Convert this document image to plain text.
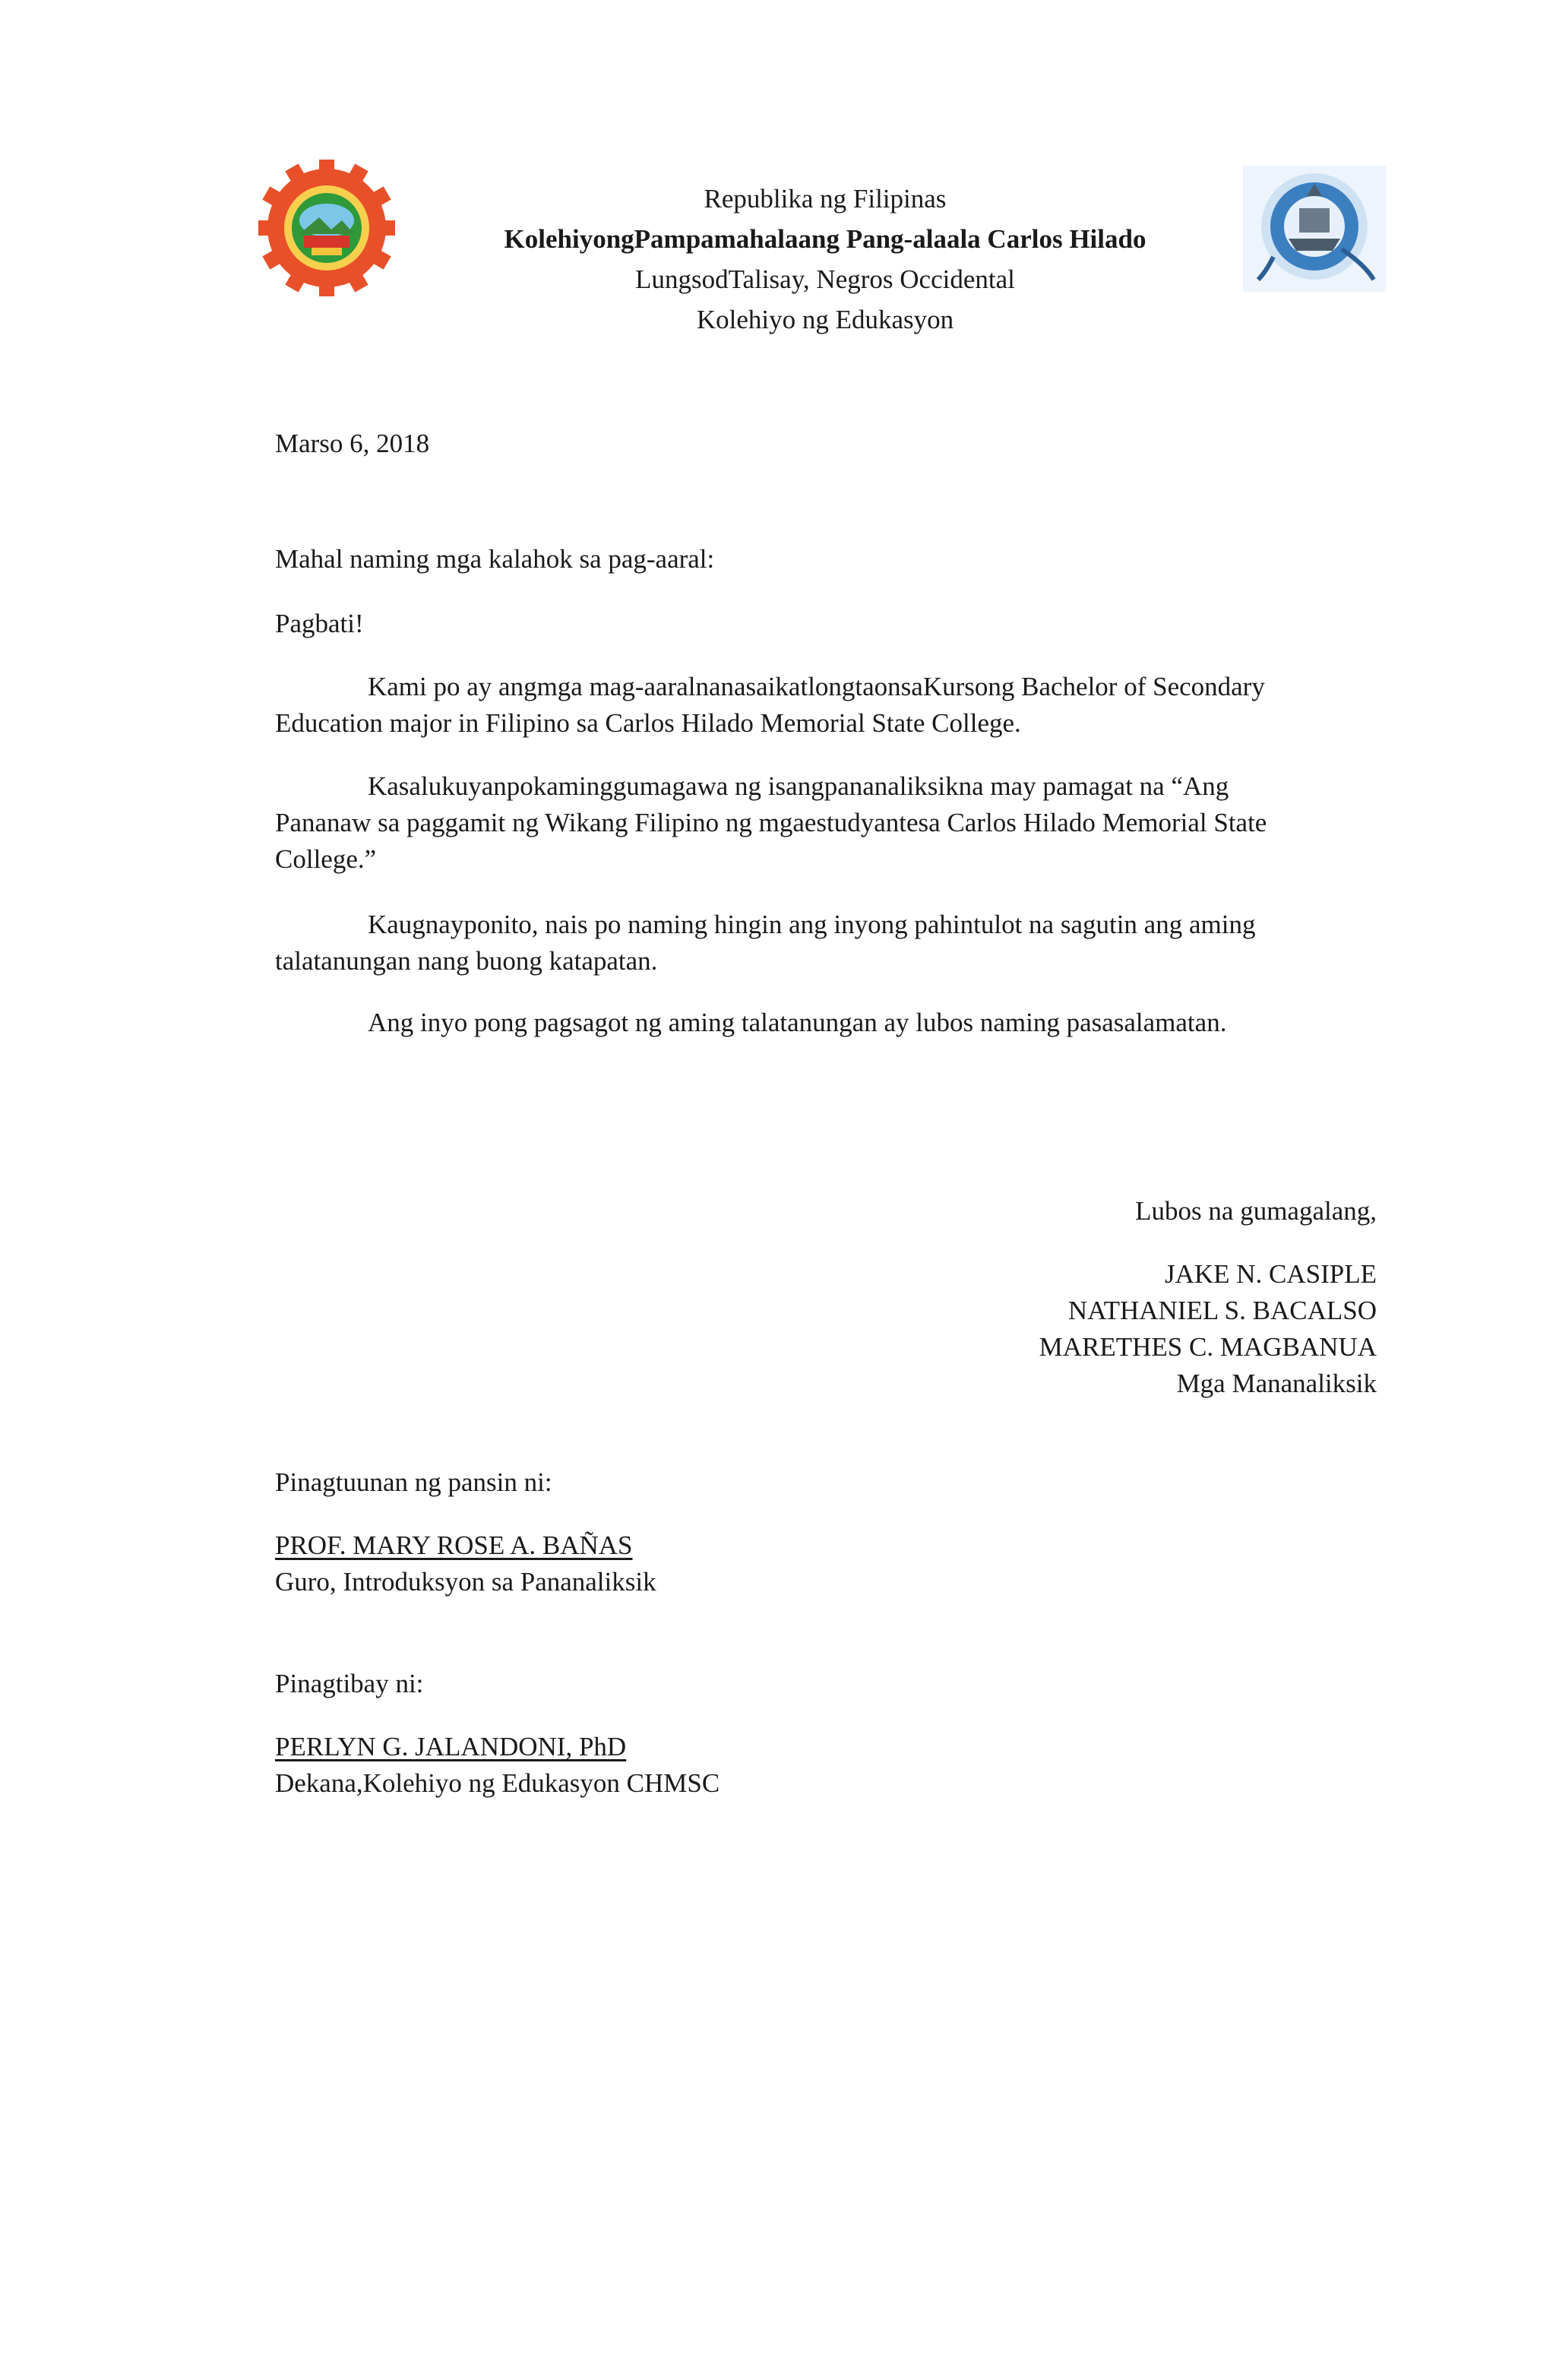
Republika ng Filipinas
KolehiyongPampamahalaang Pang-alaala Carlos Hilado
LungsodTalisay, Negros Occidental
Kolehiyo ng Edukasyon
Marso 6, 2018
Mahal naming mga kalahok sa pag-aaral:
Pagbati!
Kami po ay angmga mag-aaralnanasaikatlongtaonsaKursong Bachelor of Secondary
Education major in Filipino sa Carlos Hilado Memorial State College.
Kasalukuyanpokaminggumagawa ng isangpananaliksikna may pamagat na “Ang
Pananaw sa paggamit ng Wikang Filipino ng mgaestudyantesa Carlos Hilado Memorial State
College.”
Kaugnayponito, nais po naming hingin ang inyong pahintulot na sagutin ang aming
talatanungan nang buong katapatan.
Ang inyo pong pagsagot ng aming talatanungan ay lubos naming pasasalamatan.
Lubos na gumagalang,
JAKE N. CASIPLE
NATHANIEL S. BACALSO
MARETHES C. MAGBANUA
Mga Mananaliksik
Pinagtuunan ng pansin ni:
PROF. MARY ROSE A. BAÑAS
Guro, Introduksyon sa Pananaliksik
Pinagtibay ni:
PERLYN G. JALANDONI, PhD
Dekana,Kolehiyo ng Edukasyon CHMSC
